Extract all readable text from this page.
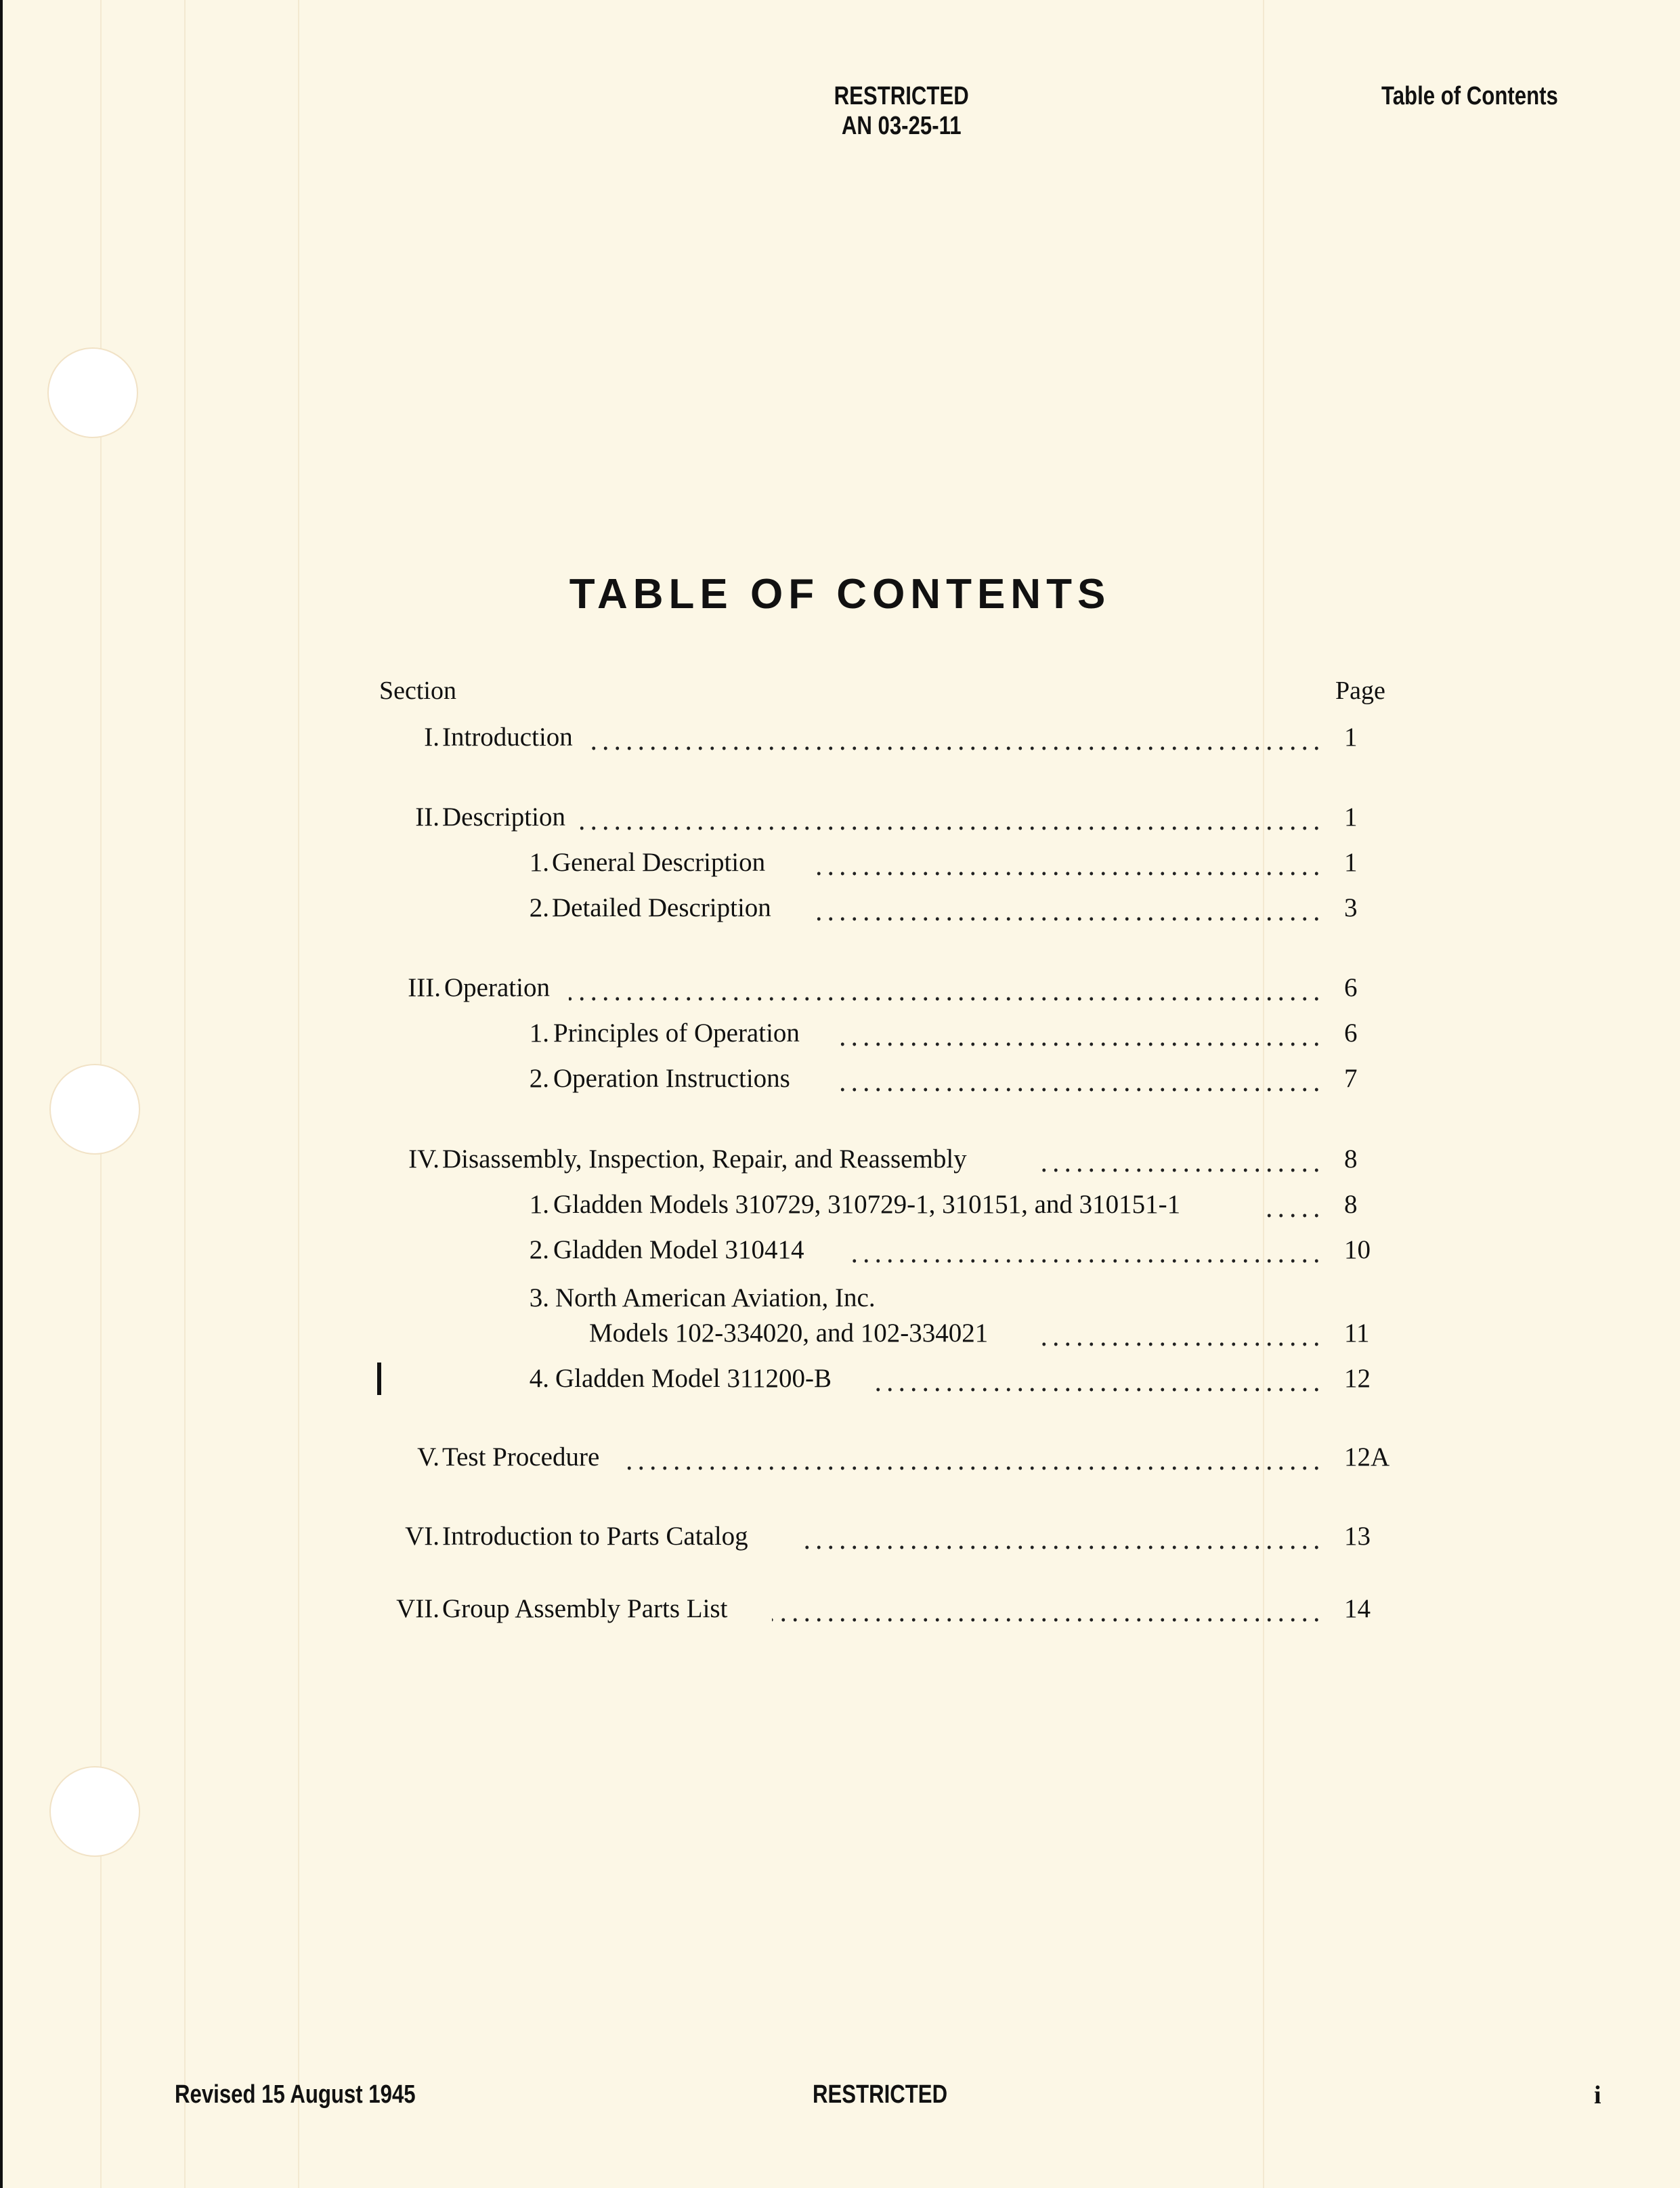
RESTRICTED
AN 03-25-11
Table of Contents
TABLE OF CONTENTS
Section	Page
I. Introduction	1
II. Description	1
1. General Description	1
2. Detailed Description	3
III. Operation	6
1. Principles of Operation	6
2. Operation Instructions	7
IV. Disassembly, Inspection, Repair, and Reassembly	8
1. Gladden Models 310729, 310729-1, 310151, and 310151-1	8
2. Gladden Model 310414	10
3. North American Aviation, Inc.
Models 102-334020, and 102-334021	11
4. Gladden Model 311200-B	12
V. Test Procedure	12A
VI. Introduction to Parts Catalog	13
VII. Group Assembly Parts List	14
Revised 15 August 1945	RESTRICTED	i
